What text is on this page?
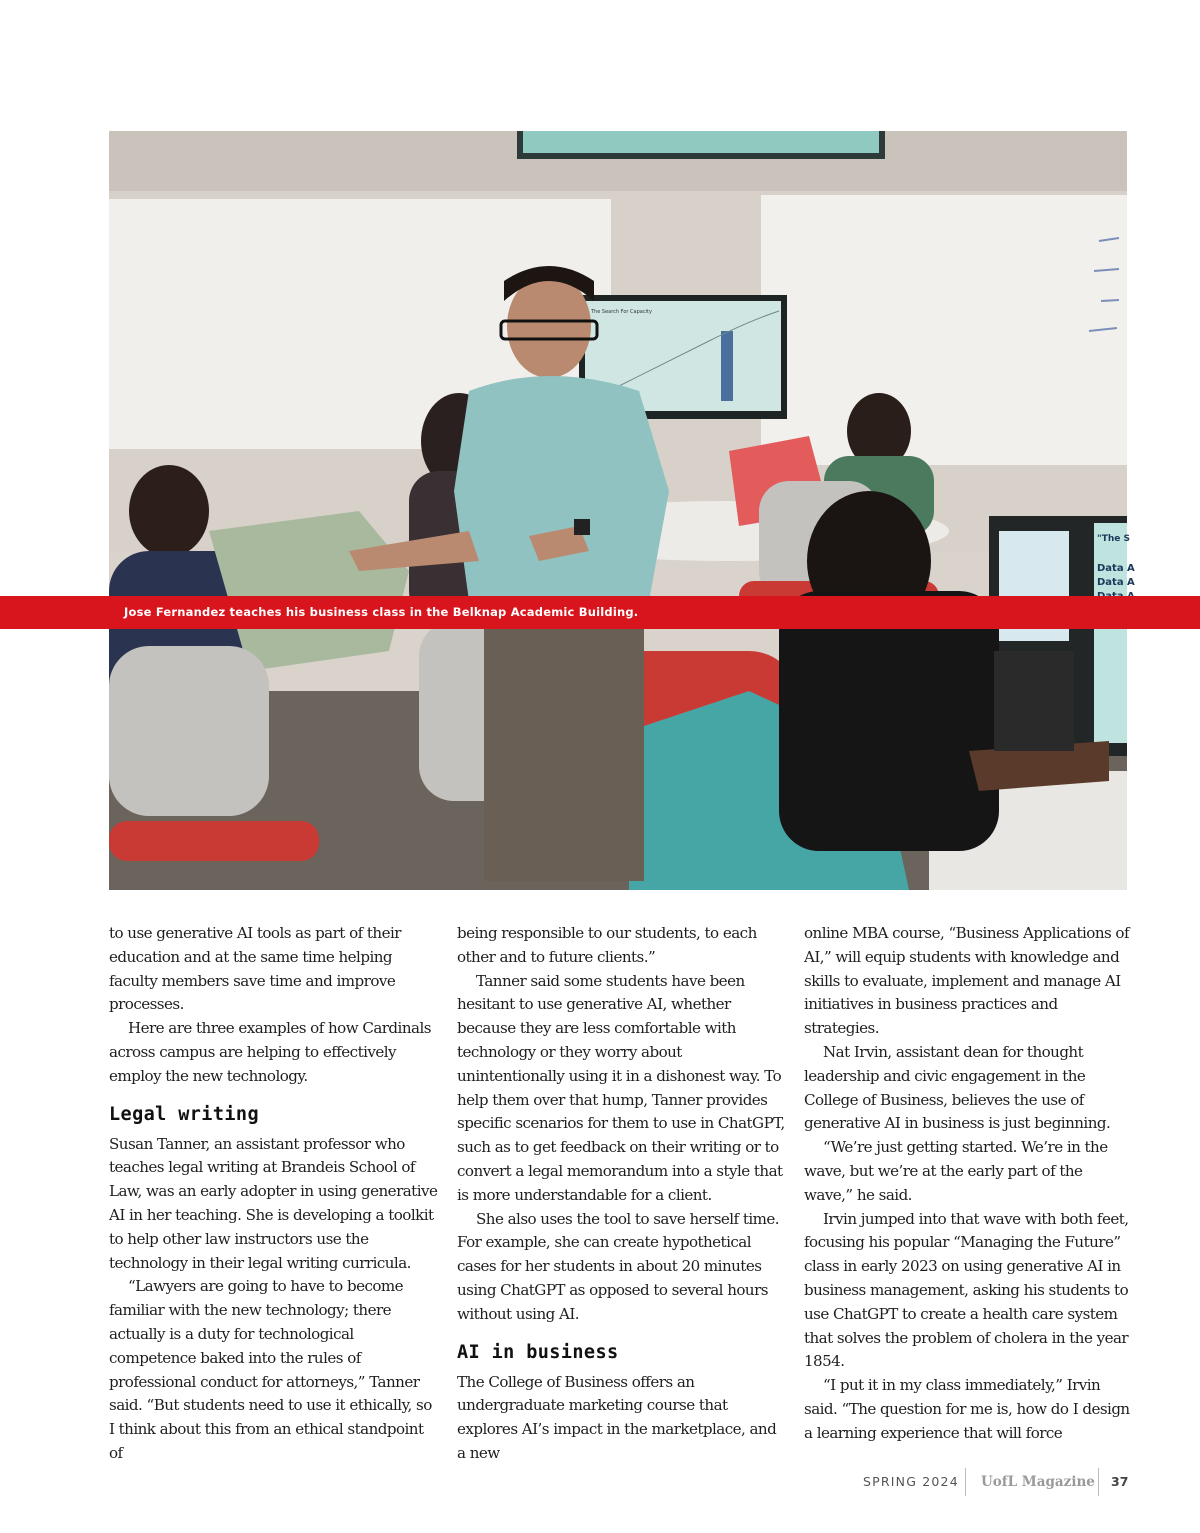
The Search For Capacity
"The S
Data A
Data A
Jose Fernandez teaches his business class in the Belknap Academic Building.

to use generative AI tools as part of their education and at the same time helping faculty members save time and improve processes.

Here are three examples of how Cardinals across campus are helping to effectively employ the new technology.

Legal writing

Susan Tanner, an assistant professor who teaches legal writing at Brandeis School of Law, was an early adopter in using generative AI in her teaching. She is developing a toolkit to help other law instructors use the technology in their legal writing curricula.

“Lawyers are going to have to become familiar with the new technology; there actually is a duty for technological competence baked into the rules of professional conduct for attorneys,” Tanner said. “But students need to use it ethically, so I think about this from an ethical standpoint of

being responsible to our students, to each other and to future clients.”

Tanner said some students have been hesitant to use generative AI, whether because they are less comfortable with technology or they worry about unintentionally using it in a dishonest way. To help them over that hump, Tanner provides specific scenarios for them to use in ChatGPT, such as to get feedback on their writing or to convert a legal memorandum into a style that is more understandable for a client.

She also uses the tool to save herself time. For example, she can create hypothetical cases for her students in about 20 minutes using ChatGPT as opposed to several hours without using AI.

AI in business

The College of Business offers an undergraduate marketing course that explores AI’s impact in the marketplace, and a new

online MBA course, “Business Applications of AI,” will equip students with knowledge and skills to evaluate, implement and manage AI initiatives in business practices and strategies.

Nat Irvin, assistant dean for thought leadership and civic engagement in the College of Business, believes the use of generative AI in business is just beginning.

“We’re just getting started. We’re in the wave, but we’re at the early part of the wave,” he said.

Irvin jumped into that wave with both feet, focusing his popular “Managing the Future” class in early 2023 on using generative AI in business management, asking his students to use ChatGPT to create a health care system that solves the problem of cholera in the year 1854.

“I put it in my class immediately,” Irvin said. “The question for me is, how do I design a learning experience that will force

SPRING 2024 UofL Magazine 37
